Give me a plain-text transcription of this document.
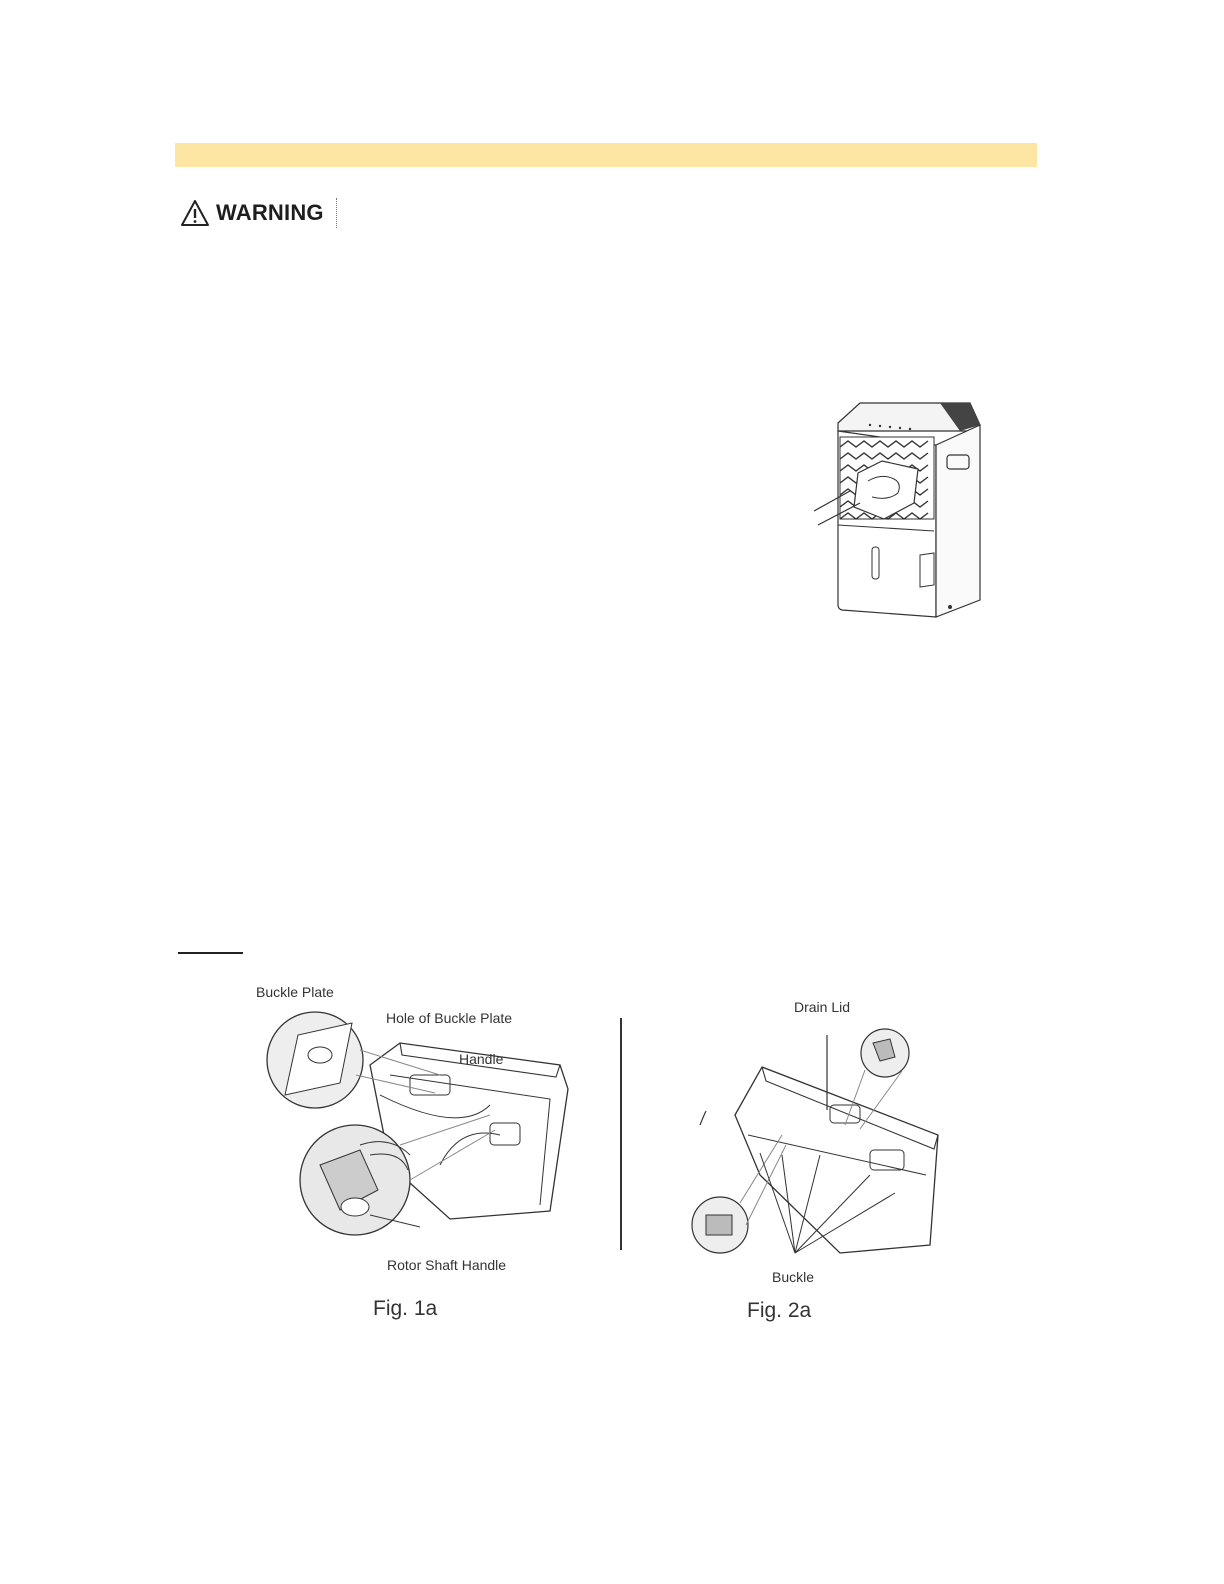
WARNING
Buckle Plate
Hole of Buckle Plate
Handle
Rotor Shaft Handle
Fig. 1a
Drain Lid
Buckle
Fig. 2a
